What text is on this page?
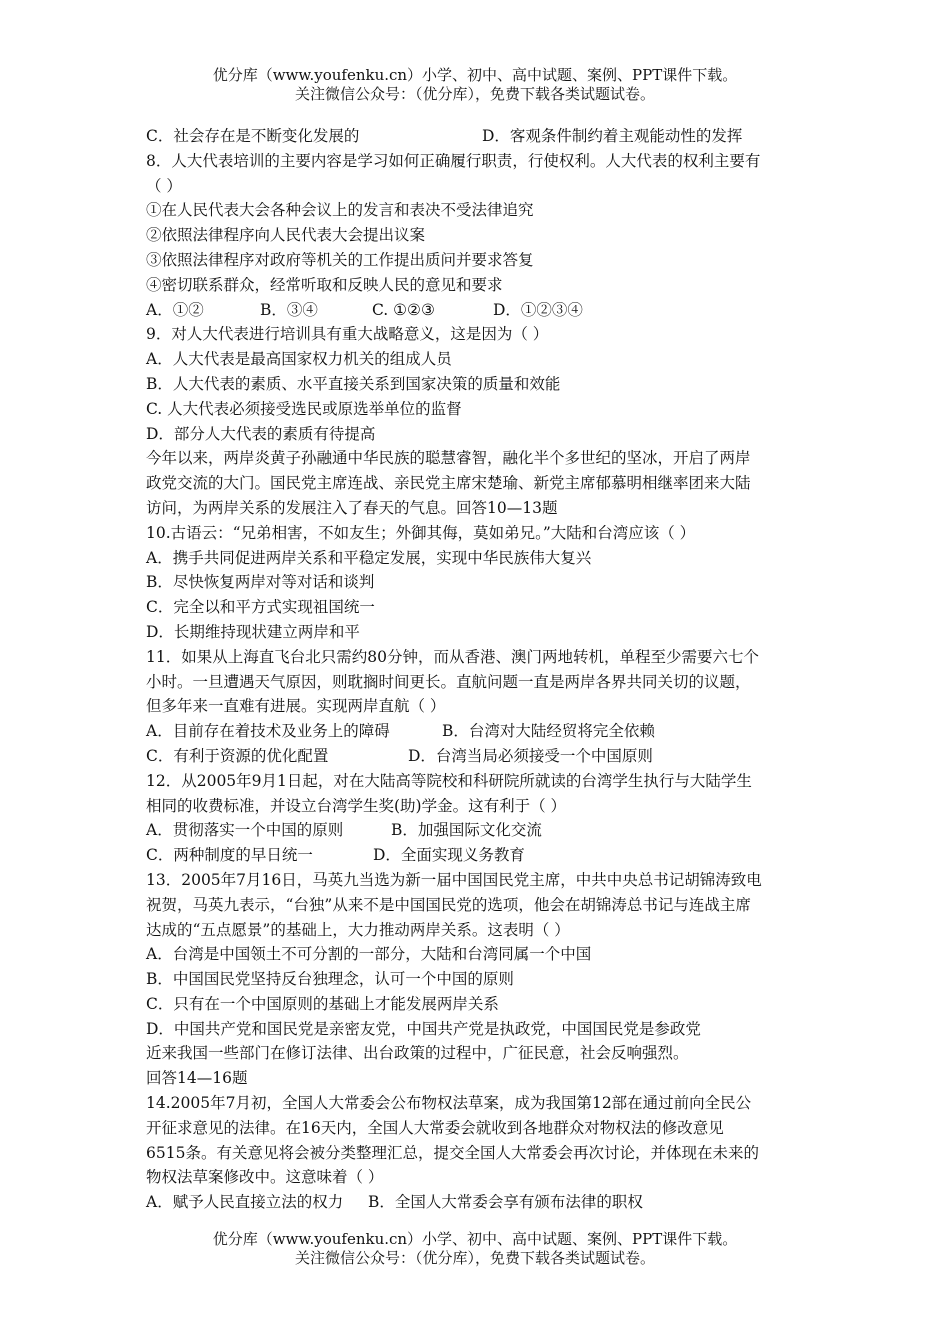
优分库（www.youfenku.cn）小学、初中、高中试题、案例、PPT课件下载。
关注微信公众号：（优分库），免费下载各类试题试卷。
C．社会存在是不断变化发展的	D．客观条件制约着主观能动性的发挥
8．人大代表培训的主要内容是学习如何正确履行职责，行使权利。人大代表的权利主要有
（ ）
①在人民代表大会各种会议上的发言和表决不受法律追究
②依照法律程序向人民代表大会提出议案
③依照法律程序对政府等机关的工作提出质问并要求答复
④密切联系群众，经常听取和反映人民的意见和要求
A．①②	B．③④	C. ①②③	D．①②③④
9．对人大代表进行培训具有重大战略意义，这是因为（ ）
A．人大代表是最高国家权力机关的组成人员
B．人大代表的素质、水平直接关系到国家决策的质量和效能
C. 人大代表必须接受选民或原选举单位的监督
D．部分人大代表的素质有待提高
今年以来，两岸炎黄子孙融通中华民族的聪慧睿智，融化半个多世纪的坚冰，开启了两岸
政党交流的大门。国民党主席连战、亲民党主席宋楚瑜、新党主席郁慕明相继率团来大陆
访问，为两岸关系的发展注入了春天的气息。回答10—13题
10.古语云：“兄弟相害，不如友生；外御其侮，莫如弟兄。”大陆和台湾应该（ ）
A．携手共同促进两岸关系和平稳定发展，实现中华民族伟大复兴
B．尽快恢复两岸对等对话和谈判
C．完全以和平方式实现祖国统一
D．长期维持现状建立两岸和平
11．如果从上海直飞台北只需约80分钟，而从香港、澳门两地转机，单程至少需要六七个
小时。一旦遭遇天气原因，则耽搁时间更长。直航问题一直是两岸各界共同关切的议题，
但多年来一直难有进展。实现两岸直航（ ）
A．目前存在着技术及业务上的障碍	B．台湾对大陆经贸将完全依赖
C．有利于资源的优化配置	D．台湾当局必须接受一个中国原则
12．从2005年9月1日起，对在大陆高等院校和科研院所就读的台湾学生执行与大陆学生
相同的收费标准，并设立台湾学生奖(助)学金。这有利于（ ）
A．贯彻落实一个中国的原则	B．加强国际文化交流
C．两种制度的早日统一	D．全面实现义务教育
13．2005年7月16日，马英九当选为新一届中国国民党主席，中共中央总书记胡锦涛致电
祝贺，马英九表示，“台独”从来不是中国国民党的选项，他会在胡锦涛总书记与连战主席
达成的“五点愿景”的基础上，大力推动两岸关系。这表明（ ）
A．台湾是中国领土不可分割的一部分，大陆和台湾同属一个中国
B．中国国民党坚持反台独理念，认可一个中国的原则
C．只有在一个中国原则的基础上才能发展两岸关系
D．中国共产党和国民党是亲密友党，中国共产党是执政党，中国国民党是参政党
近来我国一些部门在修订法律、出台政策的过程中，广征民意，社会反响强烈。
回答14—16题
14.2005年7月初，全国人大常委会公布物权法草案，成为我国第12部在通过前向全民公
开征求意见的法律。在16天内，全国人大常委会就收到各地群众对物权法的修改意见
6515条。有关意见将会被分类整理汇总，提交全国人大常委会再次讨论，并体现在未来的
物权法草案修改中。这意味着（ ）
A．赋予人民直接立法的权力	B．全国人大常委会享有颁布法律的职权
优分库（www.youfenku.cn）小学、初中、高中试题、案例、PPT课件下载。
关注微信公众号：（优分库），免费下载各类试题试卷。
